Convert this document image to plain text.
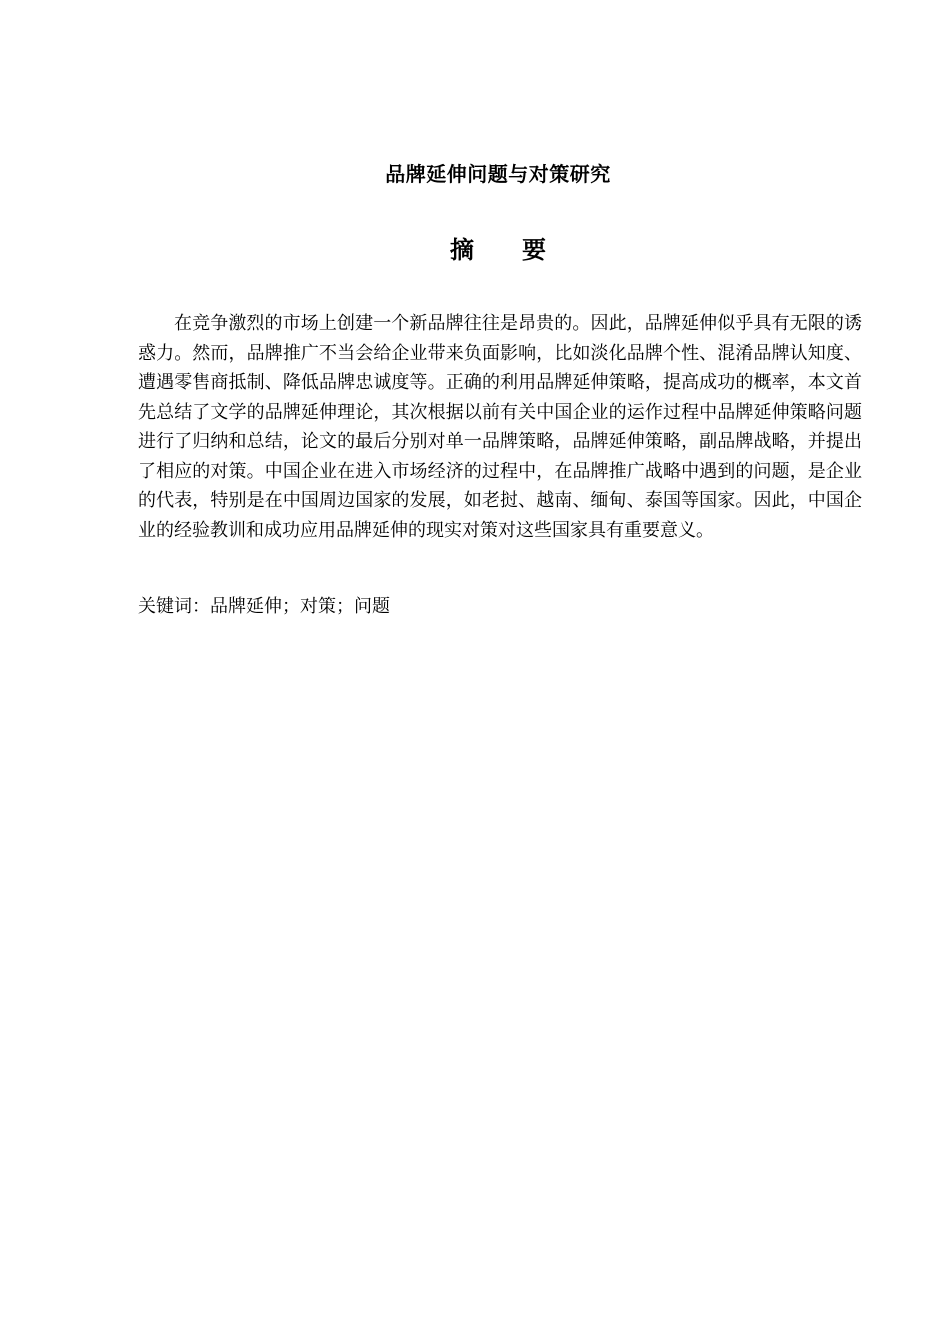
品牌延伸问题与对策研究
摘要

在竞争激烈的市场上创建一个新品牌往往是昂贵的。因此，品牌延伸似乎具有无限的诱惑力。然而，品牌推广不当会给企业带来负面影响，比如淡化品牌个性、混淆品牌认知度、遭遇零售商抵制、降低品牌忠诚度等。正确的利用品牌延伸策略，提高成功的概率，本文首先总结了文学的品牌延伸理论，其次根据以前有关中国企业的运作过程中品牌延伸策略问题进行了归纳和总结，论文的最后分别对单一品牌策略，品牌延伸策略，副品牌战略，并提出了相应的对策。中国企业在进入市场经济的过程中，在品牌推广战略中遇到的问题，是企业的代表，特别是在中国周边国家的发展，如老挝、越南、缅甸、泰国等国家。因此，中国企业的经验教训和成功应用品牌延伸的现实对策对这些国家具有重要意义。

关键词：品牌延伸；对策；问题
